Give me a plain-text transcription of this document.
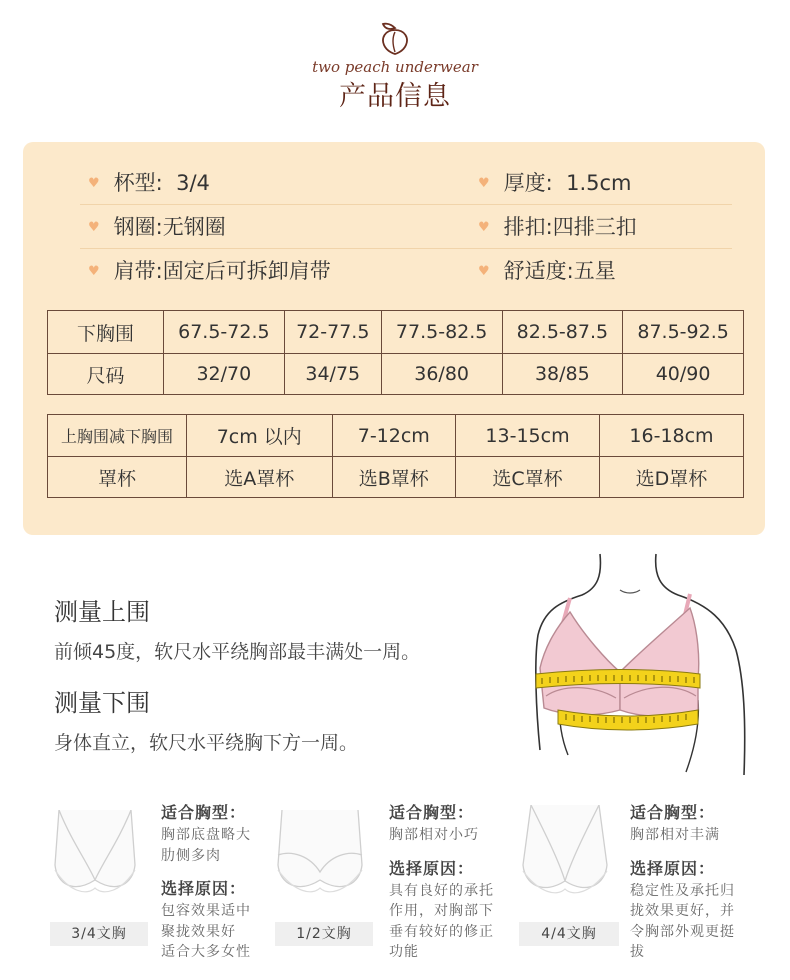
two peach underwear
产品信息
♥ 杯型: 3/4
♥ 钢圈:无钢圈
♥ 肩带:固定后可拆卸肩带
♥ 厚度: 1.5cm
♥ 排扣:四排三扣
♥ 舒适度:五星
下胸围	67.5-72.5	72-77.5	77.5-82.5	82.5-87.5	87.5-92.5
尺码	32/70	34/75	36/80	38/85	40/90
上胸围减下胸围	7cm 以内	7-12cm	13-15cm	16-18cm
罩杯	选A罩杯	选B罩杯	选C罩杯	选D罩杯
测量上围
前倾45度，软尺水平绕胸部最丰满处一周。
测量下围
身体直立，软尺水平绕胸下方一周。
3/4文胸
适合胸型：
胸部底盘略大
肋侧多肉
选择原因：
包容效果适中
聚拢效果好
适合大多女性
1/2文胸
适合胸型：
胸部相对小巧
选择原因：
具有良好的承托
作用，对胸部下
垂有较好的修正
功能
4/4文胸
适合胸型：
胸部相对丰满
选择原因：
稳定性及承托归
拢效果更好，并
令胸部外观更挺
拔
